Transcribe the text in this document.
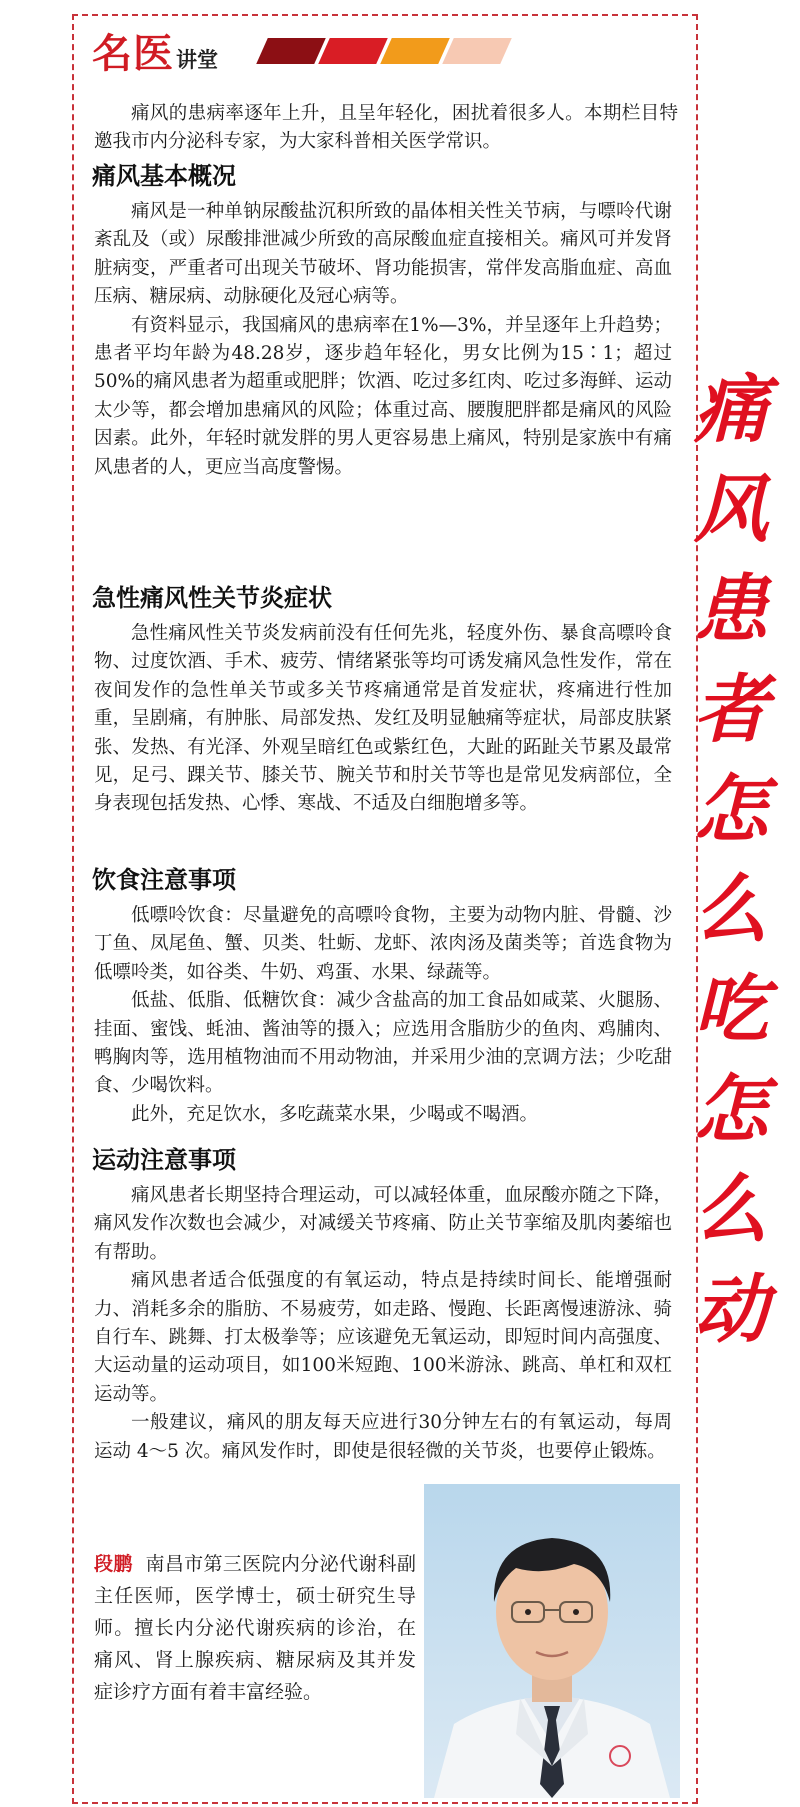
名医讲堂

痛风的患病率逐年上升，且呈年轻化，困扰着很多人。本期栏目特邀我市内分泌科专家，为大家科普相关医学常识。

痛风基本概况

痛风是一种单钠尿酸盐沉积所致的晶体相关性关节病，与嘌呤代谢紊乱及（或）尿酸排泄减少所致的高尿酸血症直接相关。痛风可并发肾脏病变，严重者可出现关节破坏、肾功能损害，常伴发高脂血症、高血压病、糖尿病、动脉硬化及冠心病等。

有资料显示，我国痛风的患病率在1%—3%，并呈逐年上升趋势；患者平均年龄为48.28岁，逐步趋年轻化，男女比例为15∶1；超过50%的痛风患者为超重或肥胖；饮酒、吃过多红肉、吃过多海鲜、运动太少等，都会增加患痛风的风险；体重过高、腰腹肥胖都是痛风的风险因素。此外，年轻时就发胖的男人更容易患上痛风，特别是家族中有痛风患者的人，更应当高度警惕。

急性痛风性关节炎症状

急性痛风性关节炎发病前没有任何先兆，轻度外伤、暴食高嘌呤食物、过度饮酒、手术、疲劳、情绪紧张等均可诱发痛风急性发作，常在夜间发作的急性单关节或多关节疼痛通常是首发症状，疼痛进行性加重，呈剧痛，有肿胀、局部发热、发红及明显触痛等症状，局部皮肤紧张、发热、有光泽、外观呈暗红色或紫红色，大趾的跖趾关节累及最常见，足弓、踝关节、膝关节、腕关节和肘关节等也是常见发病部位，全身表现包括发热、心悸、寒战、不适及白细胞增多等。

饮食注意事项

低嘌呤饮食：尽量避免的高嘌呤食物，主要为动物内脏、骨髓、沙丁鱼、凤尾鱼、蟹、贝类、牡蛎、龙虾、浓肉汤及菌类等；首选食物为低嘌呤类，如谷类、牛奶、鸡蛋、水果、绿蔬等。

低盐、低脂、低糖饮食：减少含盐高的加工食品如咸菜、火腿肠、挂面、蜜饯、蚝油、酱油等的摄入；应选用含脂肪少的鱼肉、鸡脯肉、鸭胸肉等，选用植物油而不用动物油，并采用少油的烹调方法；少吃甜食、少喝饮料。

此外，充足饮水，多吃蔬菜水果，少喝或不喝酒。

运动注意事项

痛风患者长期坚持合理运动，可以减轻体重，血尿酸亦随之下降，痛风发作次数也会减少，对减缓关节疼痛、防止关节挛缩及肌肉萎缩也有帮助。

痛风患者适合低强度的有氧运动，特点是持续时间长、能增强耐力、消耗多余的脂肪、不易疲劳，如走路、慢跑、长距离慢速游泳、骑自行车、跳舞、打太极拳等；应该避免无氧运动，即短时间内高强度、大运动量的运动项目，如100米短跑、100米游泳、跳高、单杠和双杠运动等。

一般建议，痛风的朋友每天应进行30分钟左右的有氧运动，每周运动 4～5 次。痛风发作时，即使是很轻微的关节炎，也要停止锻炼。

痛
风
患
者
怎
么
吃
怎
么
动
段鹏 南昌市第三医院内分泌代谢科副主任医师，医学博士，硕士研究生导师。擅长内分泌代谢疾病的诊治，在痛风、肾上腺疾病、糖尿病及其并发症诊疗方面有着丰富经验。
